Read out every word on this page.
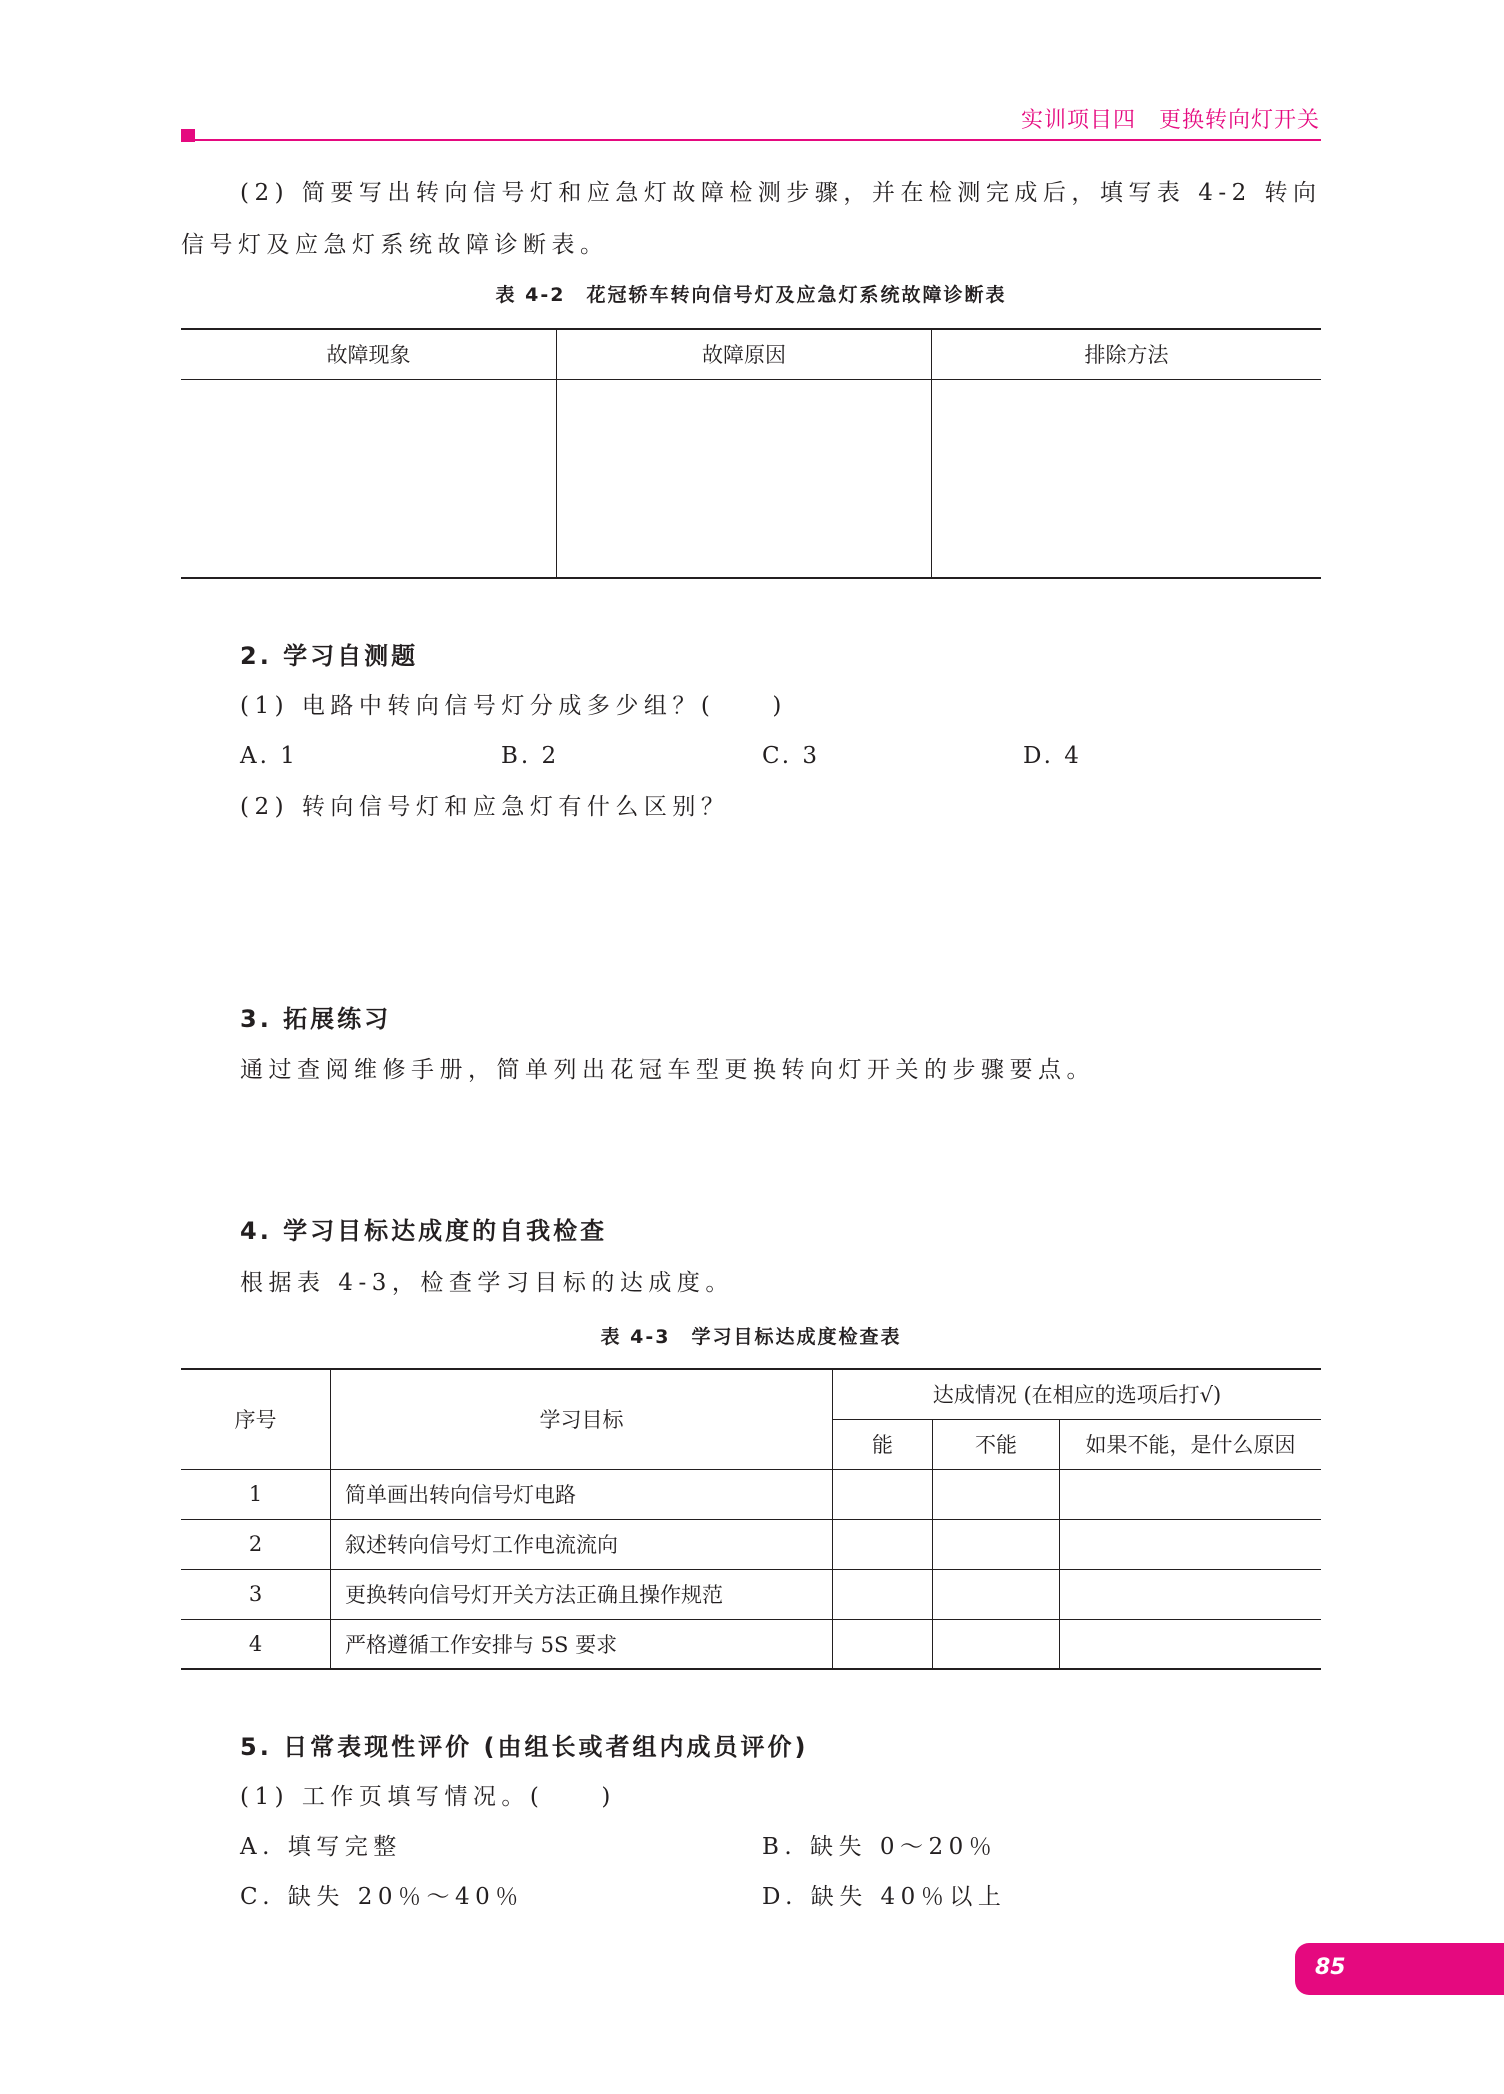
实训项目四　更换转向灯开关
(2) 简要写出转向信号灯和应急灯故障检测步骤，并在检测完成后，填写表 4-2 转向
信号灯及应急灯系统故障诊断表。
表 4-2　花冠轿车转向信号灯及应急灯系统故障诊断表
故障现象	故障原因	排除方法

2. 学习自测题
(1) 电路中转向信号灯分成多少组？(　　)
A. 1	B. 2	C. 3	D. 4
(2) 转向信号灯和应急灯有什么区别？
3. 拓展练习
通过查阅维修手册，简单列出花冠车型更换转向灯开关的步骤要点。
4. 学习目标达成度的自我检查
根据表 4-3，检查学习目标的达成度。
表 4-3　学习目标达成度检查表
序号	学习目标	达成情况 (在相应的选项后打√)		
		能	不能	如果不能，是什么原因
1	简单画出转向信号灯电路			
2	叙述转向信号灯工作电流流向			
3	更换转向信号灯开关方法正确且操作规范			
4	严格遵循工作安排与 5S 要求			
5. 日常表现性评价 (由组长或者组内成员评价)
(1) 工作页填写情况。(　　)
A. 填写完整	B. 缺失 0～20％
C. 缺失 20％～40％	D. 缺失 40％以上
85
